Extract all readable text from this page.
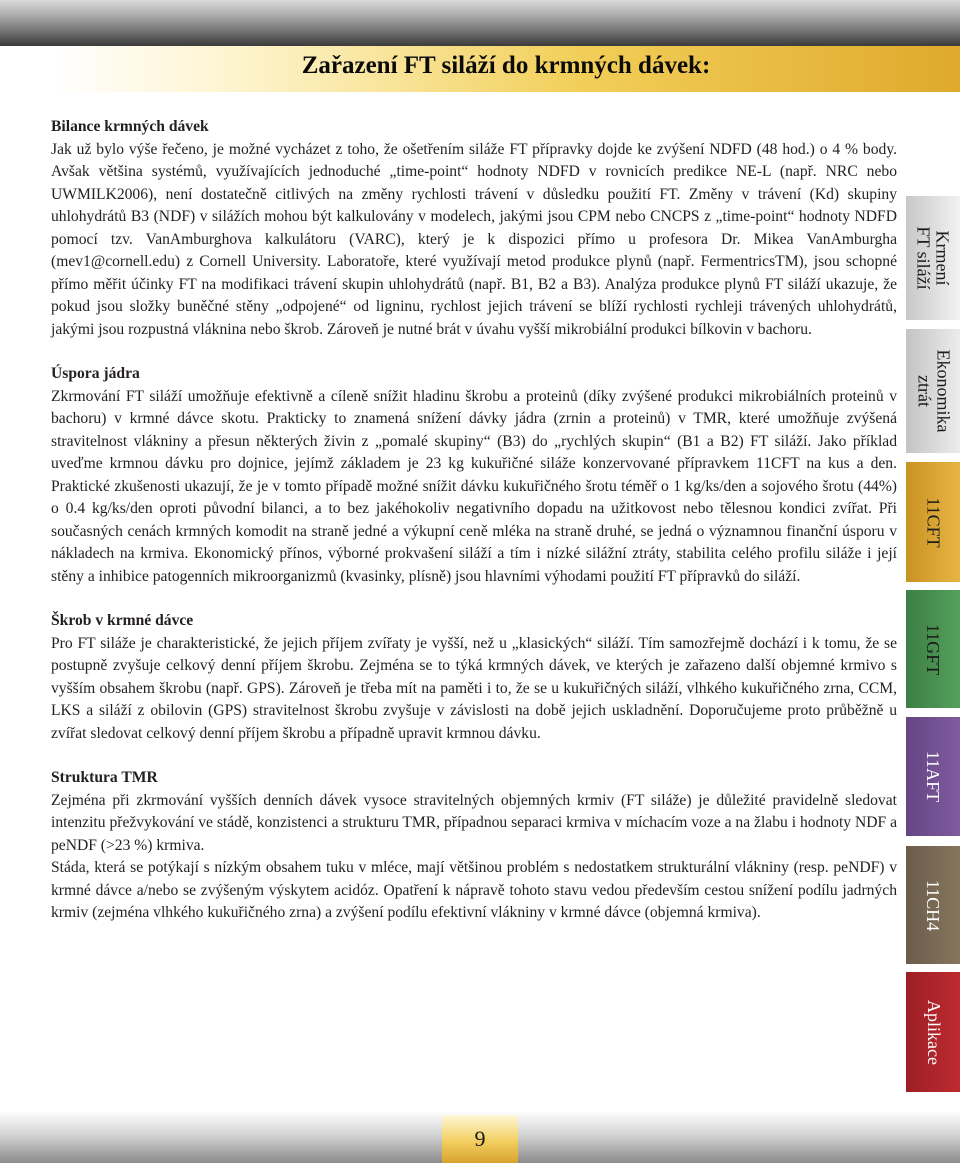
Zařazení FT siláží do krmných dávek:
Bilance krmných dávek

Jak už bylo výše řečeno, je možné vycházet z toho, že ošetřením siláže FT přípravky dojde ke zvýšení NDFD (48 hod.) o 4 % body. Avšak většina systémů, využívajících jednoduché „time-point“ hodnoty NDFD v rovnicích predikce NE-L (např. NRC nebo UWMILK2006), není dostatečně citlivých na změny rychlosti trávení v důsledku použití FT. Změny v trávení (Kd) skupiny uhlohydrátů B3 (NDF) v silážích mohou být kalkulovány v modelech, jakými jsou CPM nebo CNCPS z „time-point“ hodnoty NDFD pomocí tzv. VanAmburghova kalkulátoru (VARC), který je k dispozici přímo u profesora Dr. Mikea VanAmburgha (mev1@cornell.edu) z Cornell University. Laboratoře, které využívají metod produkce plynů (např. FermentricsTM), jsou schopné přímo měřit účinky FT na modifikaci trávení skupin uhlohydrátů (např. B1, B2 a B3). Analýza produkce plynů FT siláží ukazuje, že pokud jsou složky buněčné stěny „odpojené“ od ligninu, rychlost jejich trávení se blíží rychlosti rychleji trávených uhlohydrátů, jakými jsou rozpustná vláknina nebo škrob. Zároveň je nutné brát v úvahu vyšší mikrobiální produkci bílkovin v bachoru.

Úspora jádra

Zkrmování FT siláží umožňuje efektivně a cíleně snížit hladinu škrobu a proteinů (díky zvýšené produkci mikrobiálních proteinů v bachoru) v krmné dávce skotu. Prakticky to znamená snížení dávky jádra (zrnin a proteinů) v TMR, které umožňuje zvýšená stravitelnost vlákniny a přesun některých živin z „pomalé skupiny“ (B3) do „rychlých skupin“ (B1 a B2) FT siláží. Jako příklad uveďme krmnou dávku pro dojnice, jejímž základem je 23 kg kukuřičné siláže konzervované přípravkem 11CFT na kus a den. Praktické zkušenosti ukazují, že je v tomto případě možné snížit dávku kukuřičného šrotu téměř o 1 kg/ks/den a sojového šrotu (44%) o 0.4 kg/ks/den oproti původní bilanci, a to bez jakéhokoliv negativního dopadu na užitkovost nebo tělesnou kondici zvířat. Při současných cenách krmných komodit na straně jedné a výkupní ceně mléka na straně druhé, se jedná o významnou finanční úsporu v nákladech na krmiva. Ekonomický přínos, výborné prokvašení siláží a tím i nízké silážní ztráty, stabilita celého profilu siláže i její stěny a inhibice patogenních mikroorganizmů (kvasinky, plísně) jsou hlavními výhodami použití FT přípravků do siláží.

Škrob v krmné dávce

Pro FT siláže je charakteristické, že jejich příjem zvířaty je vyšší, než u „klasických“ siláží. Tím samozřejmě dochází i k tomu, že se postupně zvyšuje celkový denní příjem škrobu. Zejména se to týká krmných dávek, ve kterých je zařazeno další objemné krmivo s vyšším obsahem škrobu (např. GPS). Zároveň je třeba mít na paměti i to, že se u kukuřičných siláží, vlhkého kukuřičného zrna, CCM, LKS a siláží z obilovin (GPS) stravitelnost škrobu zvyšuje v závislosti na době jejich uskladnění. Doporučujeme proto průběžně u zvířat sledovat celkový denní příjem škrobu a případně upravit krmnou dávku.

Struktura TMR

Zejména při zkrmování vyšších denních dávek vysoce stravitelných objemných krmiv (FT siláže) je důležité pravidelně sledovat intenzitu přežvykování ve stádě, konzistenci a strukturu TMR, případnou separaci krmiva v míchacím voze a na žlabu i hodnoty NDF a peNDF (>23 %) krmiva.

Stáda, která se potýkají s nízkým obsahem tuku v mléce, mají většinou problém s nedostatkem strukturální vlákniny (resp. peNDF) v krmné dávce a/nebo se zvýšeným výskytem acidóz. Opatření k nápravě tohoto stavu vedou především cestou snížení podílu jadrných krmiv (zejména vlhkého kukuřičného zrna) a zvýšení podílu efektivní vlákniny v krmné dávce (objemná krmiva).

Krmení
FT siláží
Ekonomika
ztrát
11CFT
11GFT
11AFT
11CH4
Aplikace
9
